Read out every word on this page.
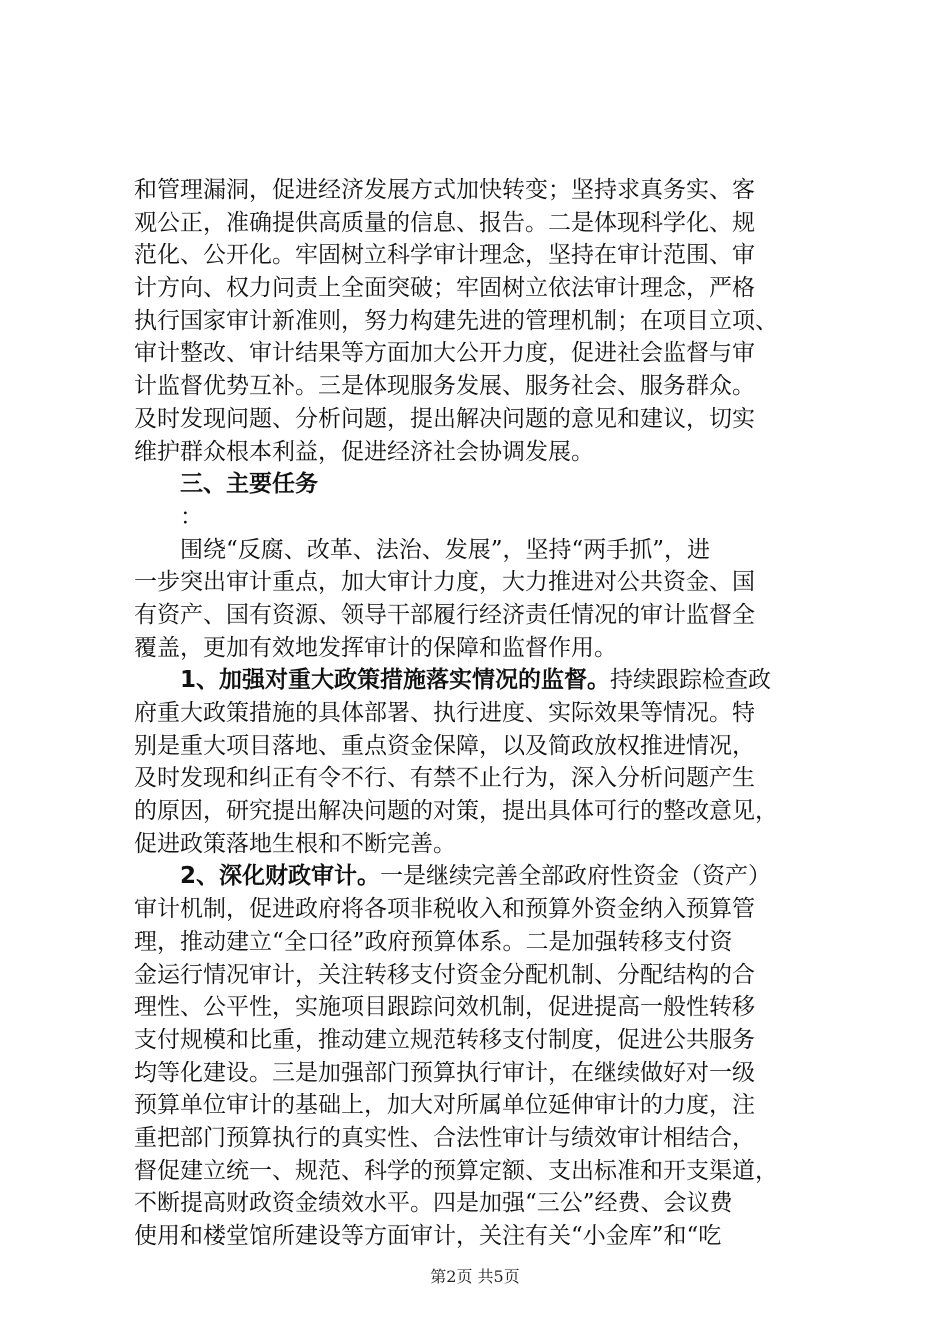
和管理漏洞，促进经济发展方式加快转变；坚持求真务实、客
观公正，准确提供高质量的信息、报告。二是体现科学化、规
范化、公开化。牢固树立科学审计理念，坚持在审计范围、审
计方向、权力问责上全面突破；牢固树立依法审计理念，严格
执行国家审计新准则，努力构建先进的管理机制；在项目立项、
审计整改、审计结果等方面加大公开力度，促进社会监督与审
计监督优势互补。三是体现服务发展、服务社会、服务群众。
及时发现问题、分析问题，提出解决问题的意见和建议，切实
维护群众根本利益，促进经济社会协调发展。
三、主要任务
：
围绕“反腐、改革、法治、发展”，坚持“两手抓”，进
一步突出审计重点，加大审计力度，大力推进对公共资金、国
有资产、国有资源、领导干部履行经济责任情况的审计监督全
覆盖，更加有效地发挥审计的保障和监督作用。
1、加强对重大政策措施落实情况的监督。持续跟踪检查政
府重大政策措施的具体部署、执行进度、实际效果等情况。特
别是重大项目落地、重点资金保障，以及简政放权推进情况，
及时发现和纠正有令不行、有禁不止行为，深入分析问题产生
的原因，研究提出解决问题的对策，提出具体可行的整改意见，
促进政策落地生根和不断完善。
2、深化财政审计。一是继续完善全部政府性资金（资产）
审计机制，促进政府将各项非税收入和预算外资金纳入预算管
理，推动建立“全口径”政府预算体系。二是加强转移支付资
金运行情况审计，关注转移支付资金分配机制、分配结构的合
理性、公平性，实施项目跟踪问效机制，促进提高一般性转移
支付规模和比重，推动建立规范转移支付制度，促进公共服务
均等化建设。三是加强部门预算执行审计，在继续做好对一级
预算单位审计的基础上，加大对所属单位延伸审计的力度，注
重把部门预算执行的真实性、合法性审计与绩效审计相结合，
督促建立统一、规范、科学的预算定额、支出标准和开支渠道，
不断提高财政资金绩效水平。四是加强“三公”经费、会议费
使用和楼堂馆所建设等方面审计，关注有关“小金库”和“吃
第2页 共5页
